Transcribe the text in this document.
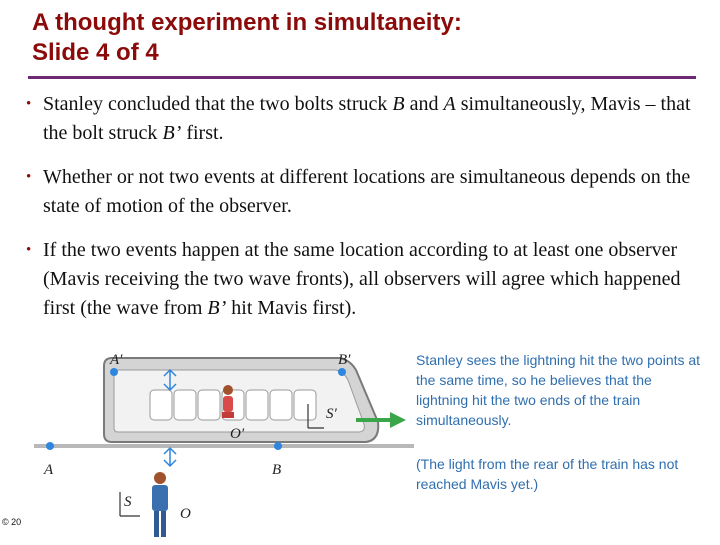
A thought experiment in simultaneity:
Slide 4 of 4
• Stanley concluded that the two bolts struck B and A simultaneously, Mavis – that the bolt struck B’ first.
• Whether or not two events at different locations are simultaneous depends on the state of motion of the observer.
• If the two events happen at the same location according to at least one observer (Mavis receiving the two wave fronts), all observers will agree which happened first (the wave from B’ hit Mavis first).
A′	B′
S′
O′
A	B
S
O
Stanley sees the lightning hit the two points at the same time, so he believes that the lightning hit the two ends of the train simultaneously.
(The light from the rear of the train has not reached Mavis yet.)
© 20
